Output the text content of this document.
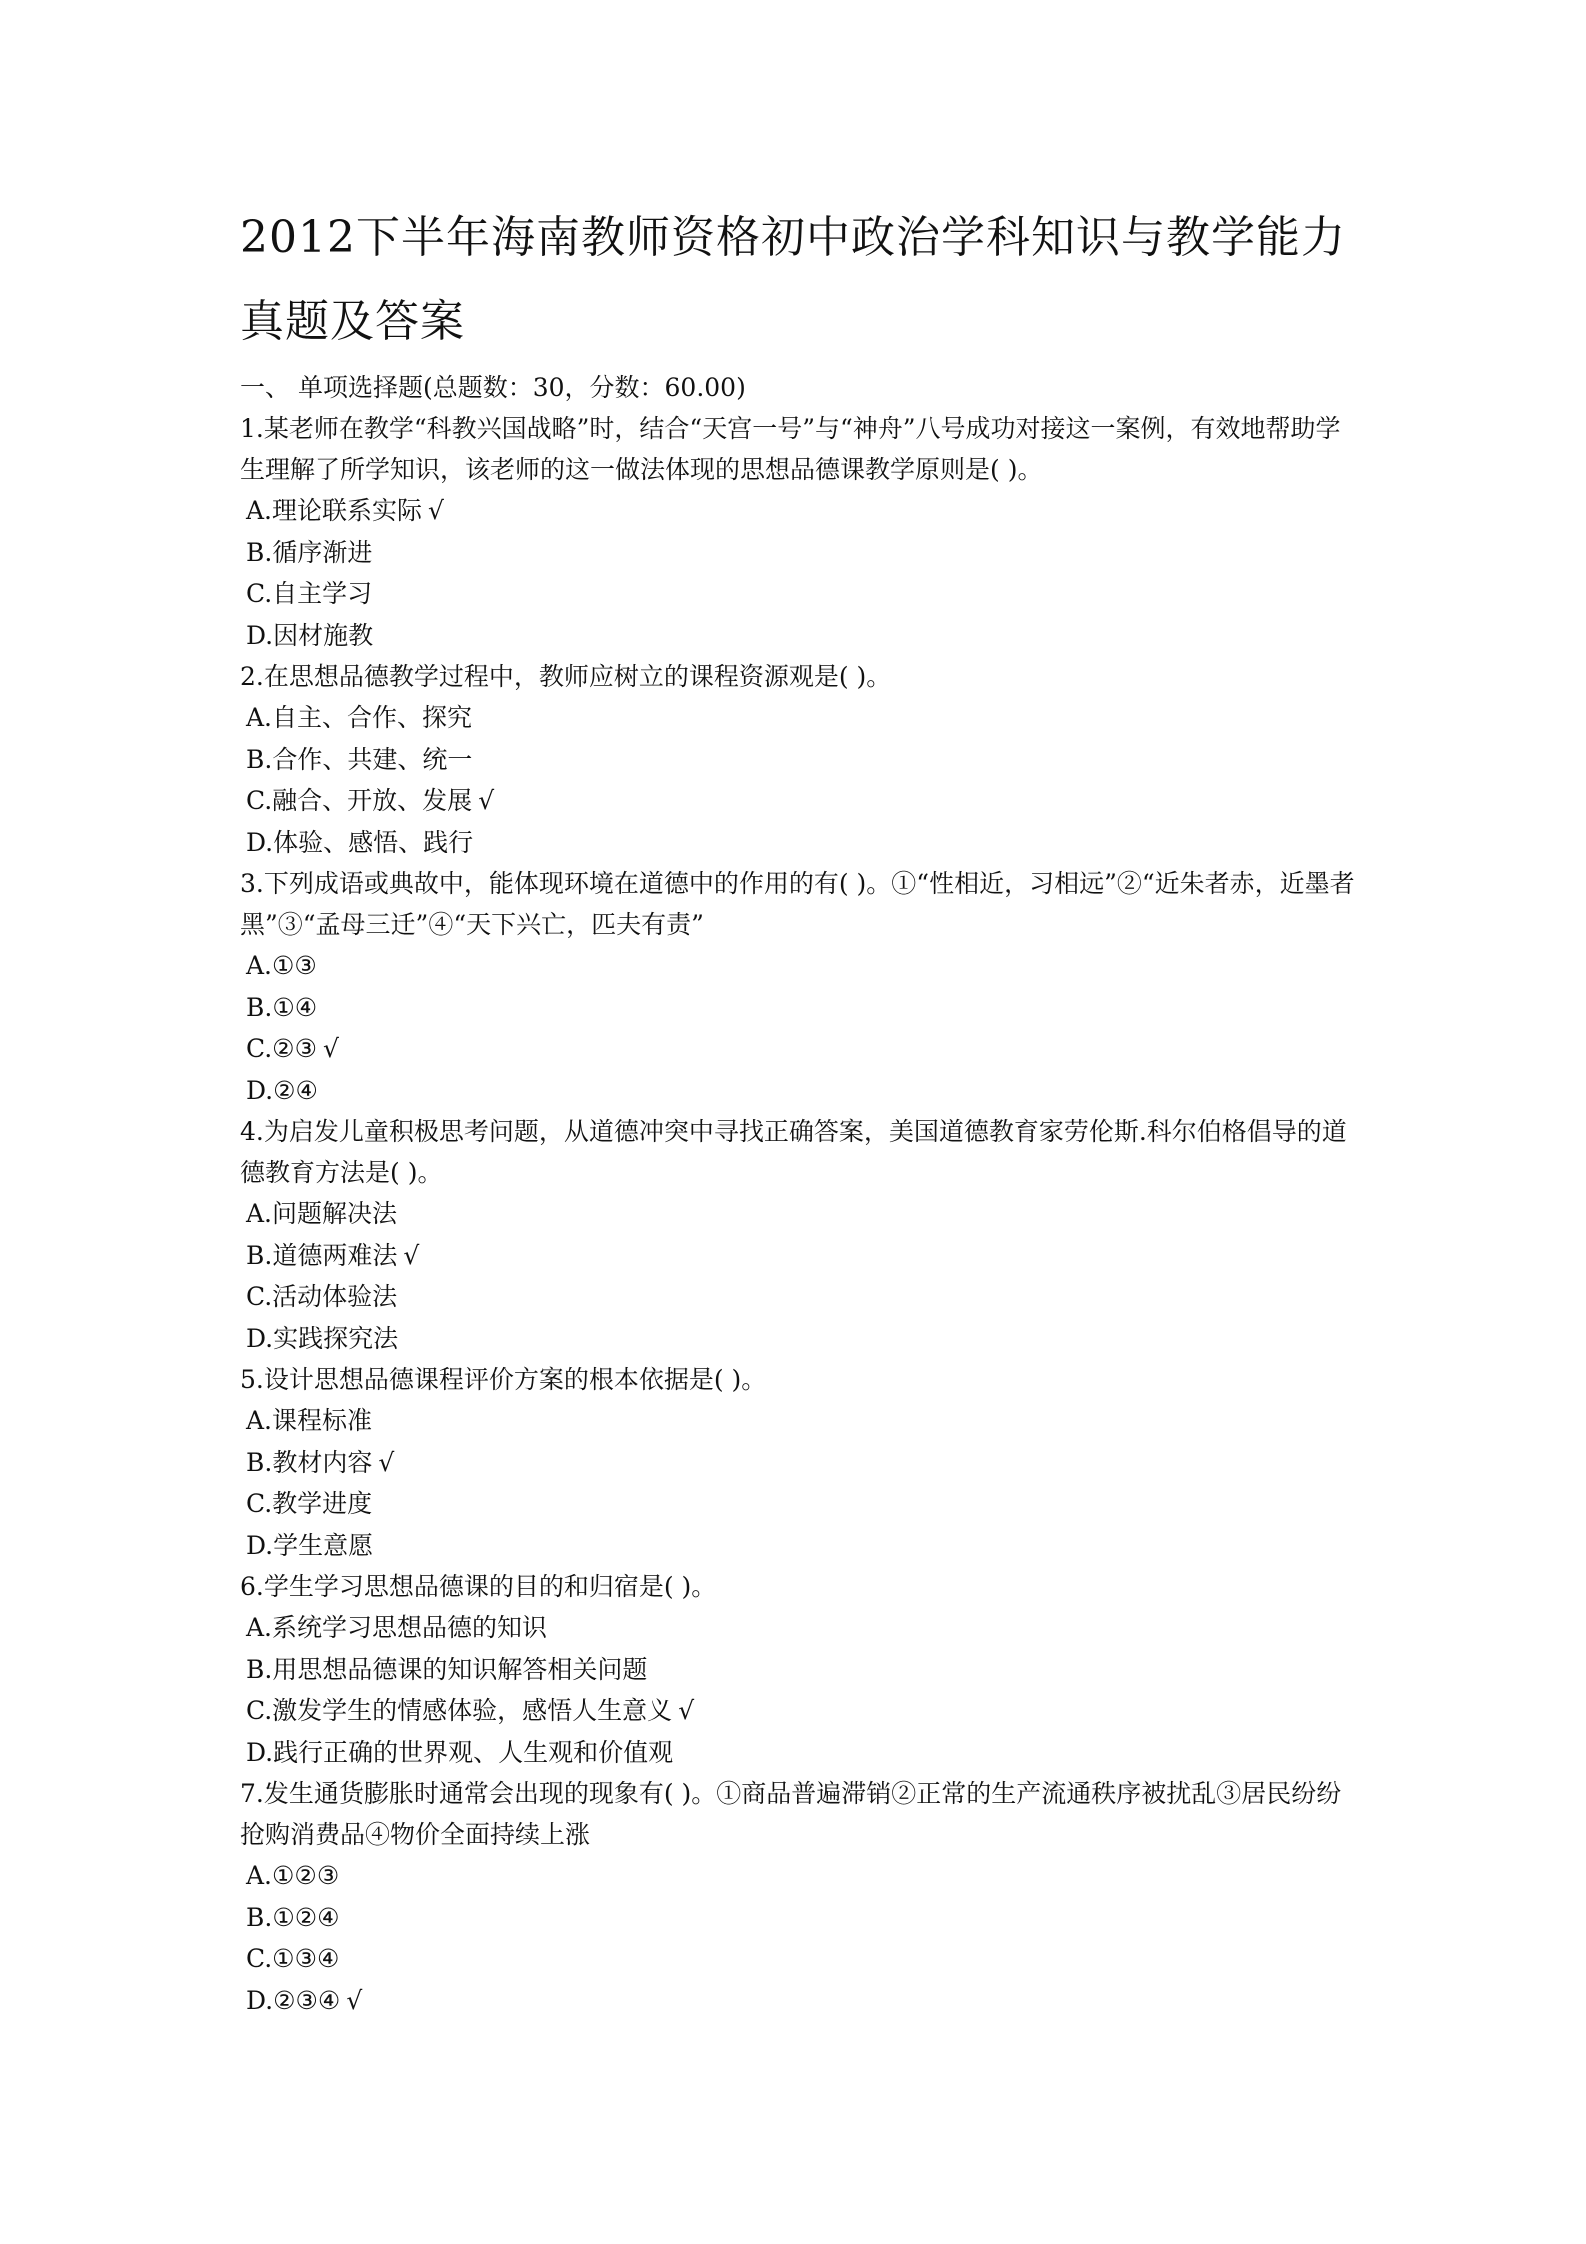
2012下半年海南教师资格初中政治学科知识与教学能力真题及答案
一、 单项选择题(总题数：30，分数：60.00)
1.某老师在教学“科教兴国战略”时，结合“天宫一号”与“神舟”八号成功对接这一案例，有效地帮助学生理解了所学知识，该老师的这一做法体现的思想品德课教学原则是( )。
A.理论联系实际 √
B.循序渐进
C.自主学习
D.因材施教
2.在思想品德教学过程中，教师应树立的课程资源观是( )。
A.自主、合作、探究
B.合作、共建、统一
C.融合、开放、发展 √
D.体验、感悟、践行
3.下列成语或典故中，能体现环境在道德中的作用的有( )。①“性相近，习相远”②“近朱者赤，近墨者黑”③“孟母三迁”④“天下兴亡，匹夫有责”
A.①③
B.①④
C.②③ √
D.②④
4.为启发儿童积极思考问题，从道德冲突中寻找正确答案，美国道德教育家劳伦斯.科尔伯格倡导的道德教育方法是( )。
A.问题解决法
B.道德两难法 √
C.活动体验法
D.实践探究法
5.设计思想品德课程评价方案的根本依据是( )。
A.课程标准
B.教材内容 √
C.教学进度
D.学生意愿
6.学生学习思想品德课的目的和归宿是( )。
A.系统学习思想品德的知识
B.用思想品德课的知识解答相关问题
C.激发学生的情感体验，感悟人生意义 √
D.践行正确的世界观、人生观和价值观
7.发生通货膨胀时通常会出现的现象有( )。①商品普遍滞销②正常的生产流通秩序被扰乱③居民纷纷抢购消费品④物价全面持续上涨
A.①②③
B.①②④
C.①③④
D.②③④ √
